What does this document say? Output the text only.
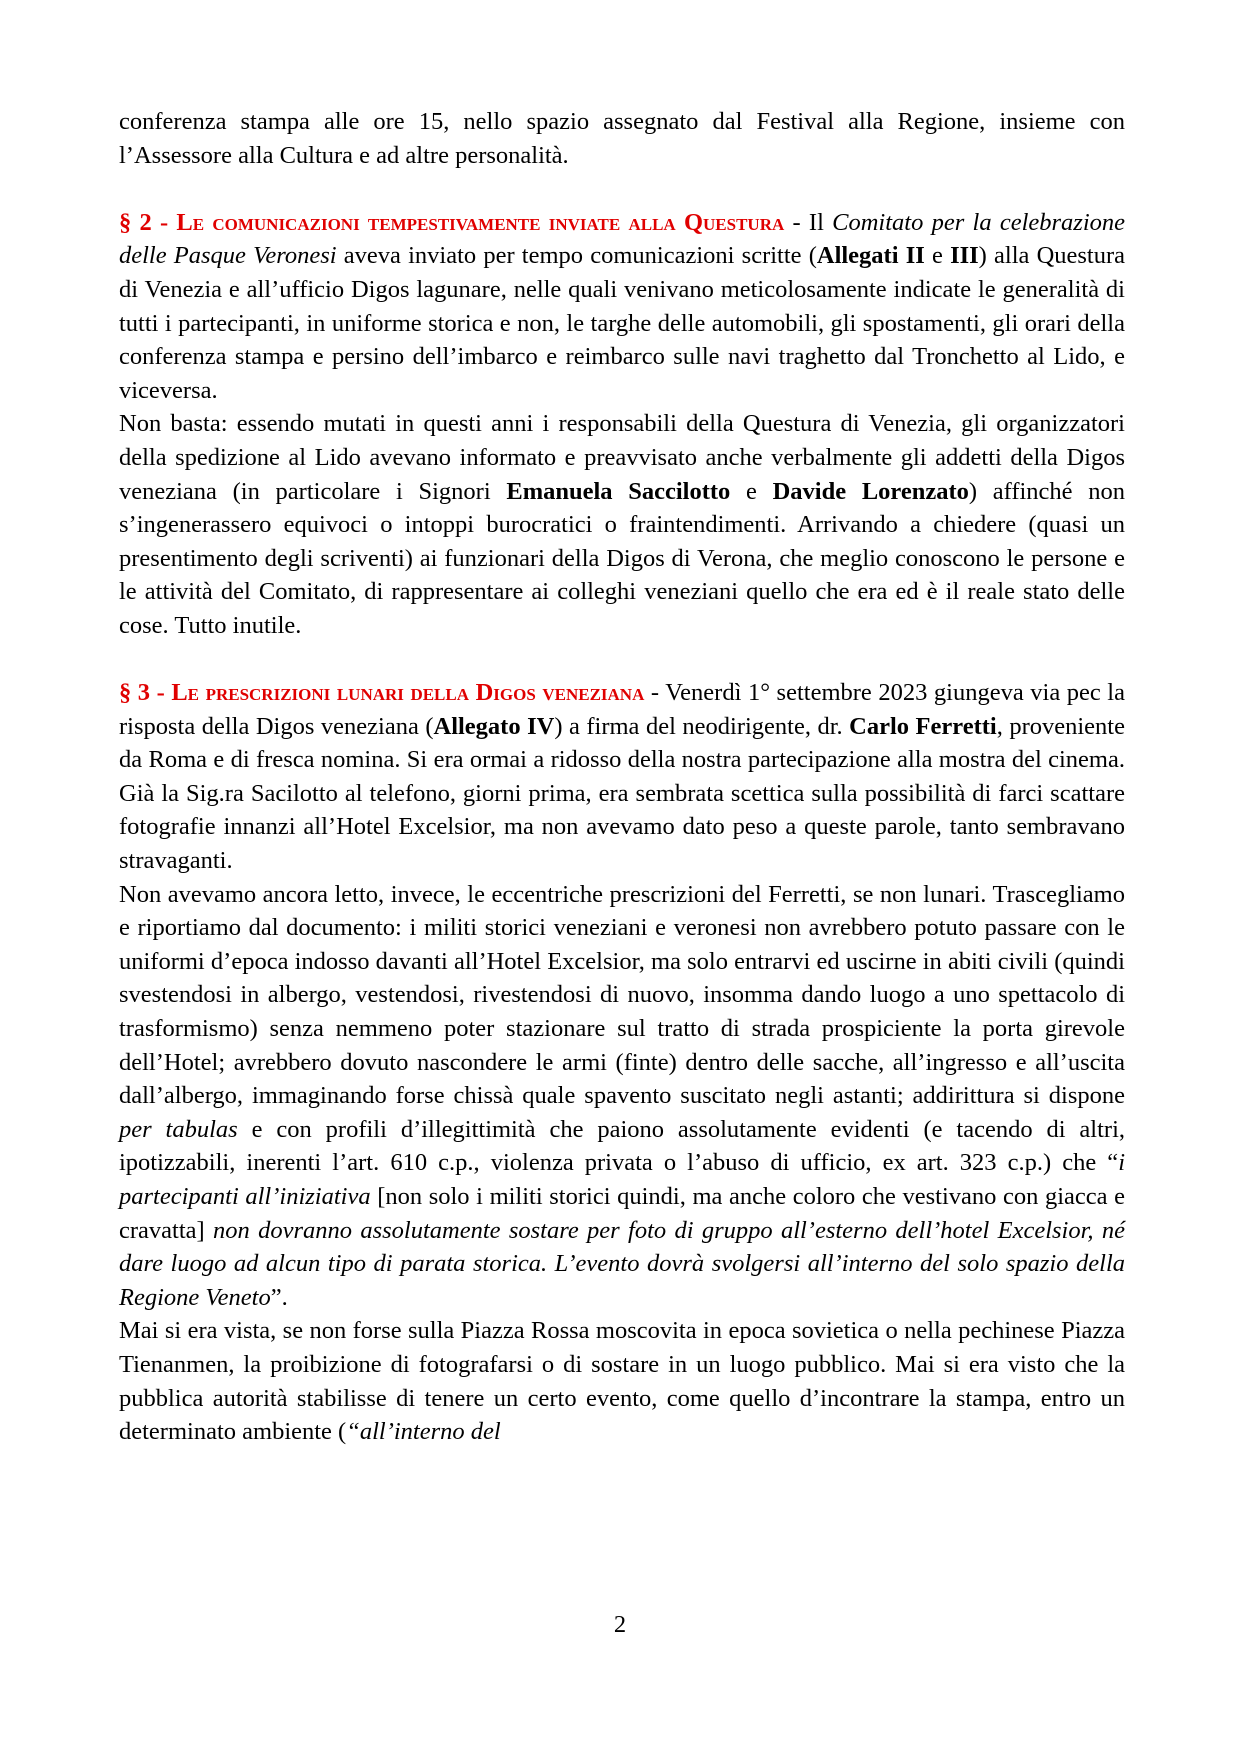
conferenza stampa alle ore 15, nello spazio assegnato dal Festival alla Regione, insieme con l’Assessore alla Cultura e ad altre personalità.

§ 2 - Le comunicazioni tempestivamente inviate alla Questura - Il Comitato per la celebrazione delle Pasque Veronesi aveva inviato per tempo comunicazioni scritte (Allegati II e III) alla Questura di Venezia e all’ufficio Digos lagunare, nelle quali venivano meticolosamente indicate le generalità di tutti i partecipanti, in uniforme storica e non, le targhe delle automobili, gli spostamenti, gli orari della conferenza stampa e persino dell’imbarco e reimbarco sulle navi traghetto dal Tronchetto al Lido, e viceversa.

Non basta: essendo mutati in questi anni i responsabili della Questura di Venezia, gli organizzatori della spedizione al Lido avevano informato e preavvisato anche verbalmente gli addetti della Digos veneziana (in particolare i Signori Emanuela Saccilotto e Davide Lorenzato) affinché non s’ingenerassero equivoci o intoppi burocratici o fraintendimenti. Arrivando a chiedere (quasi un presentimento degli scriventi) ai funzionari della Digos di Verona, che meglio conoscono le persone e le attività del Comitato, di rappresentare ai colleghi veneziani quello che era ed è il reale stato delle cose. Tutto inutile.

§ 3 - Le prescrizioni lunari della Digos veneziana - Venerdì 1° settembre 2023 giungeva via pec la risposta della Digos veneziana (Allegato IV) a firma del neodirigente, dr. Carlo Ferretti, proveniente da Roma e di fresca nomina. Si era ormai a ridosso della nostra partecipazione alla mostra del cinema. Già la Sig.ra Sacilotto al telefono, giorni prima, era sembrata scettica sulla possibilità di farci scattare fotografie innanzi all’Hotel Excelsior, ma non avevamo dato peso a queste parole, tanto sembravano stravaganti.

Non avevamo ancora letto, invece, le eccentriche prescrizioni del Ferretti, se non lunari. Trascegliamo e riportiamo dal documento: i militi storici veneziani e veronesi non avrebbero potuto passare con le uniformi d’epoca indosso davanti all’Hotel Excelsior, ma solo entrarvi ed uscirne in abiti civili (quindi svestendosi in albergo, vestendosi, rivestendosi di nuovo, insomma dando luogo a uno spettacolo di trasformismo) senza nemmeno poter stazionare sul tratto di strada prospiciente la porta girevole dell’Hotel; avrebbero dovuto nascondere le armi (finte) dentro delle sacche, all’ingresso e all’uscita dall’albergo, immaginando forse chissà quale spavento suscitato negli astanti; addirittura si dispone per tabulas e con profili d’illegittimità che paiono assolutamente evidenti (e tacendo di altri, ipotizzabili, inerenti l’art. 610 c.p., violenza privata o l’abuso di ufficio, ex art. 323 c.p.) che “i partecipanti all’iniziativa [non solo i militi storici quindi, ma anche coloro che vestivano con giacca e cravatta] non dovranno assolutamente sostare per foto di gruppo all’esterno dell’hotel Excelsior, né dare luogo ad alcun tipo di parata storica. L’evento dovrà svolgersi all’interno del solo spazio della Regione Veneto”.

Mai si era vista, se non forse sulla Piazza Rossa moscovita in epoca sovietica o nella pechinese Piazza Tienanmen, la proibizione di fotografarsi o di sostare in un luogo pubblico. Mai si era visto che la pubblica autorità stabilisse di tenere un certo evento, come quello d’incontrare la stampa, entro un determinato ambiente (“all’interno del

2
